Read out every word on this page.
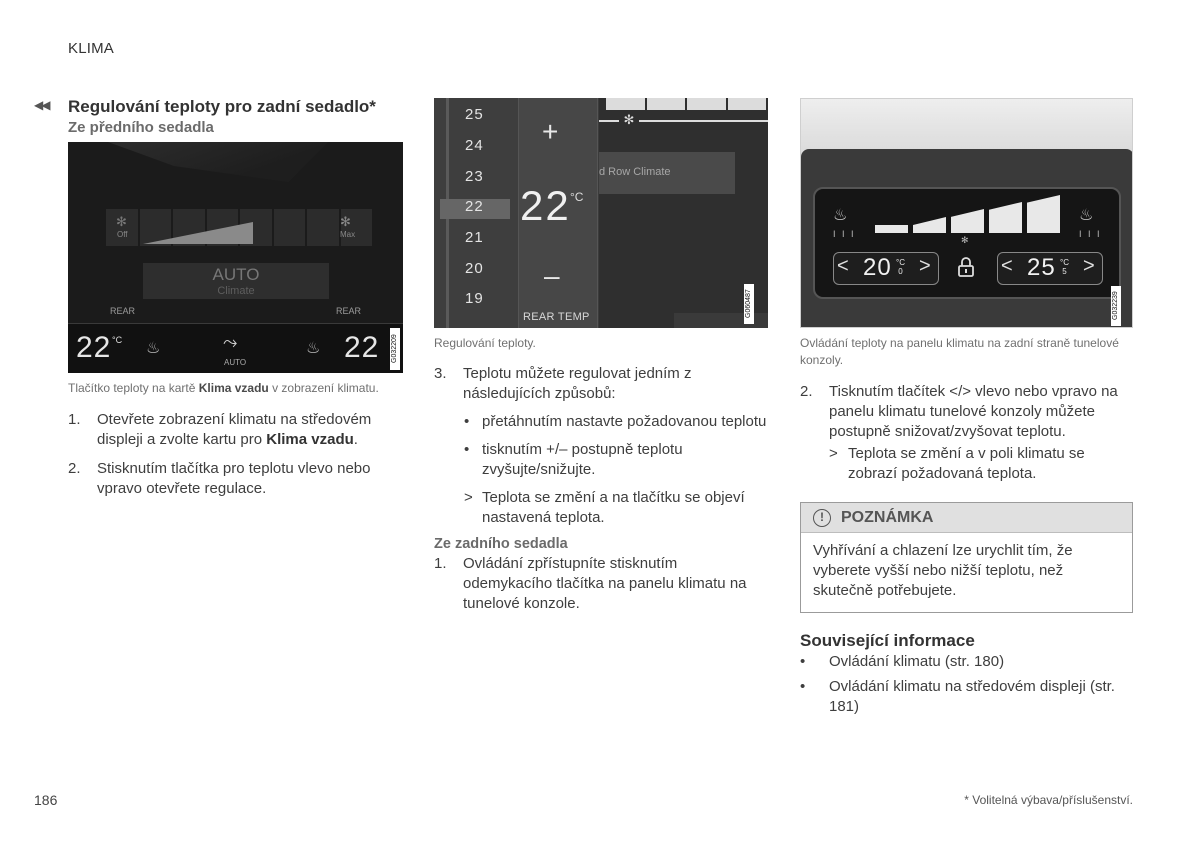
KLIMA
◀◀ Regulování teploty pro zadní sedadlo*
Ze předního sedadla
✻
Off
✻
Max
AUTO
Climate
REAR	REAR
22 °C ♨	⤳
AUTO
♨ 22 G032209

Tlačítko teploty na kartě Klima vzadu v zobrazení klimatu.

1. Otevřete zobrazení klimatu na středovém displeji a zvolte kartu pro Klima vzadu.
2. Stisknutím tlačítka pro teplotu vlevo nebo vpravo otevřete regulace.
25
24
23
22
21
20
19
+
22 °C
–
REAR TEMP
✻
d Row Climate
G060487

Regulování teploty.

3. Teplotu můžete regulovat jedním z následujících způsobů:
• přetáhnutím nastavte požadovanou teplotu
• tisknutím +/– postupně teplotu zvyšujte/snižujte.
> Teplota se změní a na tlačítku se objeví nastavená teplota.
Ze zadního sedadla
1. Ovládání zpřístupníte stisknutím odemykacího tlačítka na panelu klimatu na tunelové konzole.
♨
I I I
♨
I I I
✻
< 20 °C
0 >	< 25 °C
5 >
G032239

Ovládání teploty na panelu klimatu na zadní straně tunelové konzoly.

2. Tisknutím tlačítek </> vlevo nebo vpravo na panelu klimatu tunelové konzoly můžete postupně snižovat/zvyšovat teplotu.
> Teplota se změní a v poli klimatu se zobrazí požadovaná teplota.
!	POZNÁMKA
Vyhřívání a chlazení lze urychlit tím, že vyberete vyšší nebo nižší teplotu, než skutečně potřebujete.
Související informace
• Ovládání klimatu (str. 180)
• Ovládání klimatu na středovém displeji (str. 181)
186	* Volitelná výbava/příslušenství.
